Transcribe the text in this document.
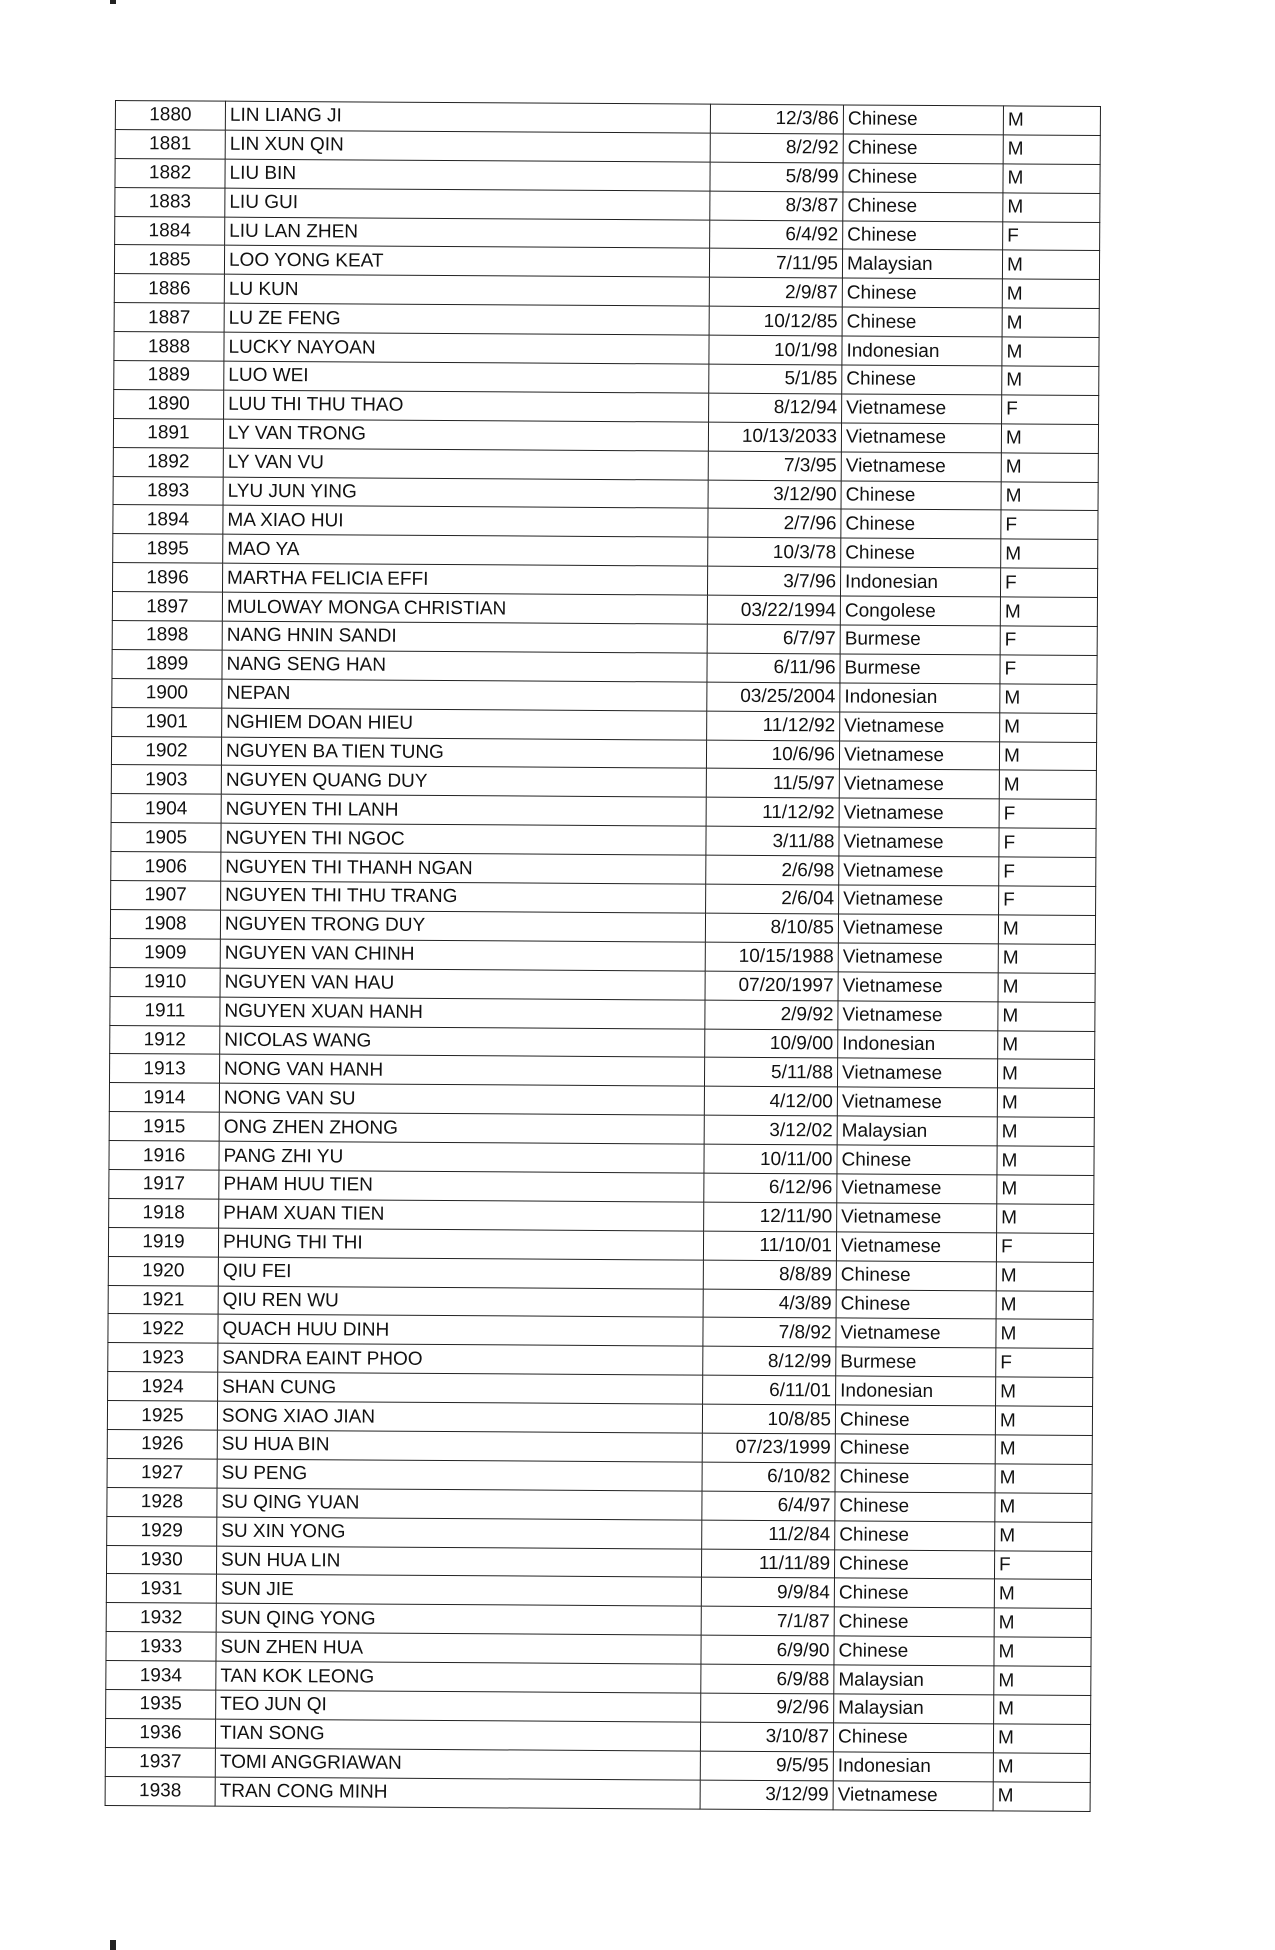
1880	LIN LIANG JI	12/3/86	Chinese	M
1881	LIN XUN QIN	8/2/92	Chinese	M
1882	LIU BIN	5/8/99	Chinese	M
1883	LIU GUI	8/3/87	Chinese	M
1884	LIU LAN ZHEN	6/4/92	Chinese	F
1885	LOO YONG KEAT	7/11/95	Malaysian	M
1886	LU KUN	2/9/87	Chinese	M
1887	LU ZE FENG	10/12/85	Chinese	M
1888	LUCKY NAYOAN	10/1/98	Indonesian	M
1889	LUO WEI	5/1/85	Chinese	M
1890	LUU THI THU THAO	8/12/94	Vietnamese	F
1891	LY VAN TRONG	10/13/2033	Vietnamese	M
1892	LY VAN VU	7/3/95	Vietnamese	M
1893	LYU JUN YING	3/12/90	Chinese	M
1894	MA XIAO HUI	2/7/96	Chinese	F
1895	MAO YA	10/3/78	Chinese	M
1896	MARTHA FELICIA EFFI	3/7/96	Indonesian	F
1897	MULOWAY MONGA CHRISTIAN	03/22/1994	Congolese	M
1898	NANG HNIN SANDI	6/7/97	Burmese	F
1899	NANG SENG HAN	6/11/96	Burmese	F
1900	NEPAN	03/25/2004	Indonesian	M
1901	NGHIEM DOAN HIEU	11/12/92	Vietnamese	M
1902	NGUYEN BA TIEN TUNG	10/6/96	Vietnamese	M
1903	NGUYEN QUANG DUY	11/5/97	Vietnamese	M
1904	NGUYEN THI LANH	11/12/92	Vietnamese	F
1905	NGUYEN THI NGOC	3/11/88	Vietnamese	F
1906	NGUYEN THI THANH NGAN	2/6/98	Vietnamese	F
1907	NGUYEN THI THU TRANG	2/6/04	Vietnamese	F
1908	NGUYEN TRONG DUY	8/10/85	Vietnamese	M
1909	NGUYEN VAN CHINH	10/15/1988	Vietnamese	M
1910	NGUYEN VAN HAU	07/20/1997	Vietnamese	M
1911	NGUYEN XUAN HANH	2/9/92	Vietnamese	M
1912	NICOLAS WANG	10/9/00	Indonesian	M
1913	NONG VAN HANH	5/11/88	Vietnamese	M
1914	NONG VAN SU	4/12/00	Vietnamese	M
1915	ONG ZHEN ZHONG	3/12/02	Malaysian	M
1916	PANG ZHI YU	10/11/00	Chinese	M
1917	PHAM HUU TIEN	6/12/96	Vietnamese	M
1918	PHAM XUAN TIEN	12/11/90	Vietnamese	M
1919	PHUNG THI THI	11/10/01	Vietnamese	F
1920	QIU FEI	8/8/89	Chinese	M
1921	QIU REN WU	4/3/89	Chinese	M
1922	QUACH HUU DINH	7/8/92	Vietnamese	M
1923	SANDRA EAINT PHOO	8/12/99	Burmese	F
1924	SHAN CUNG	6/11/01	Indonesian	M
1925	SONG XIAO JIAN	10/8/85	Chinese	M
1926	SU HUA BIN	07/23/1999	Chinese	M
1927	SU PENG	6/10/82	Chinese	M
1928	SU QING YUAN	6/4/97	Chinese	M
1929	SU XIN YONG	11/2/84	Chinese	M
1930	SUN HUA LIN	11/11/89	Chinese	F
1931	SUN JIE	9/9/84	Chinese	M
1932	SUN QING YONG	7/1/87	Chinese	M
1933	SUN ZHEN HUA	6/9/90	Chinese	M
1934	TAN KOK LEONG	6/9/88	Malaysian	M
1935	TEO JUN QI	9/2/96	Malaysian	M
1936	TIAN SONG	3/10/87	Chinese	M
1937	TOMI ANGGRIAWAN	9/5/95	Indonesian	M
1938	TRAN CONG MINH	3/12/99	Vietnamese	M
